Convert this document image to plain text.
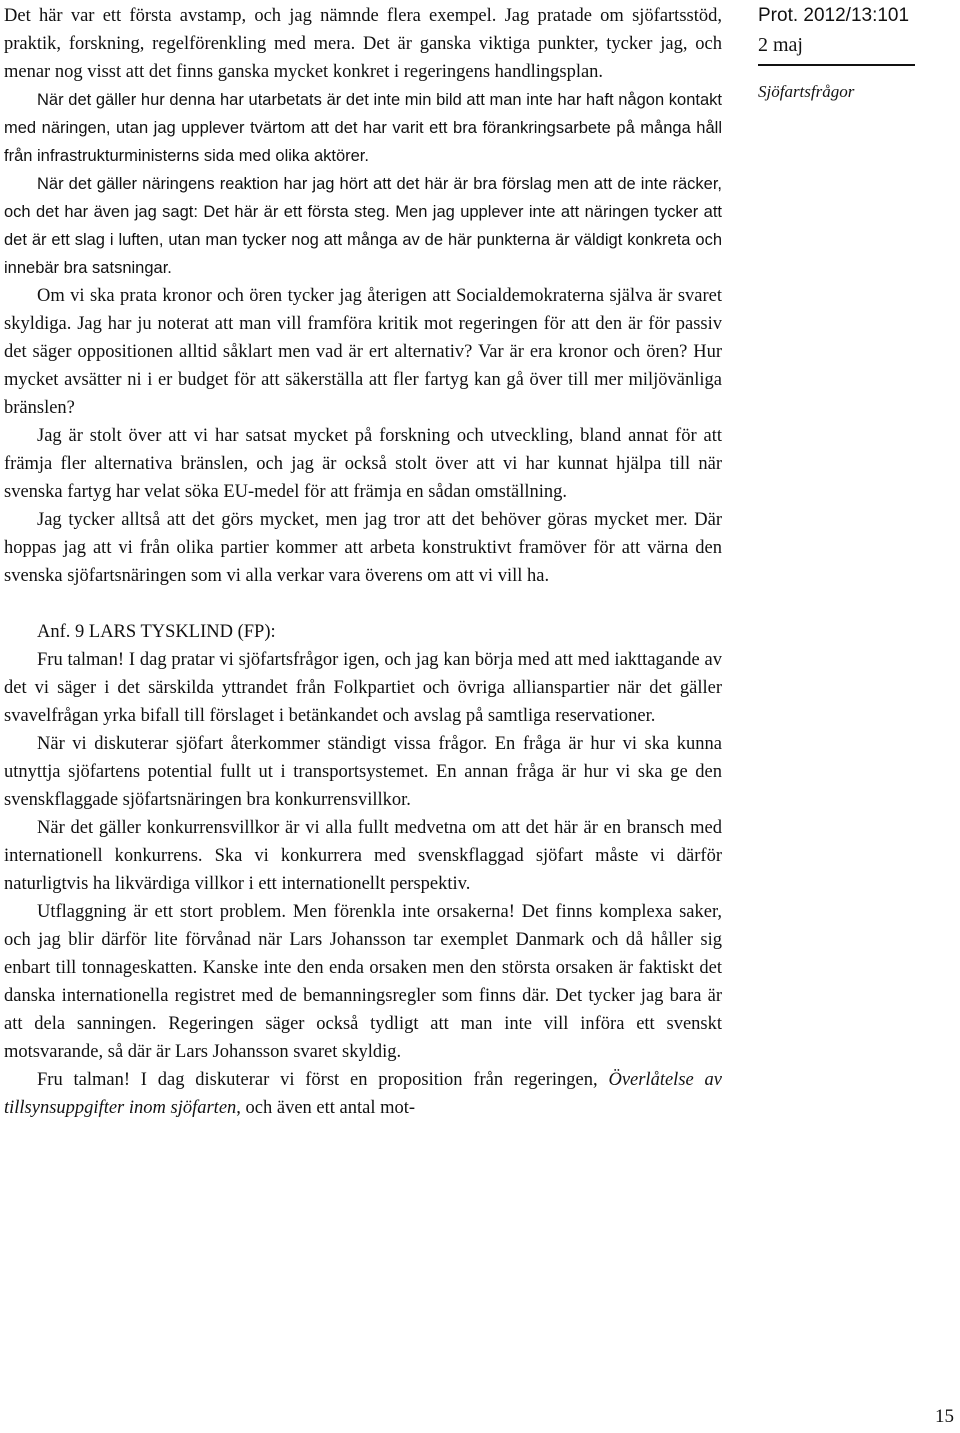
Det här var ett första avstamp, och jag nämnde flera exempel. Jag pratade om sjöfartsstöd, praktik, forskning, regelförenkling med mera. Det är ganska viktiga punkter, tycker jag, och menar nog visst att det finns ganska mycket konkret i regeringens handlingsplan.

När det gäller hur denna har utarbetats är det inte min bild att man inte har haft någon kontakt med näringen, utan jag upplever tvärtom att det har varit ett bra förankringsarbete på många håll från infrastrukturministerns sida med olika aktörer.

När det gäller näringens reaktion har jag hört att det här är bra förslag men att de inte räcker, och det har även jag sagt: Det här är ett första steg. Men jag upplever inte att näringen tycker att det är ett slag i luften, utan man tycker nog att många av de här punkterna är väldigt konkreta och innebär bra satsningar.

Om vi ska prata kronor och ören tycker jag återigen att Socialdemokraterna själva är svaret skyldiga. Jag har ju noterat att man vill framföra kritik mot regeringen för att den är för passiv det säger oppositionen alltid såklart men vad är ert alternativ? Var är era kronor och ören? Hur mycket avsätter ni i er budget för att säkerställa att fler fartyg kan gå över till mer miljövänliga bränslen?

Jag är stolt över att vi har satsat mycket på forskning och utveckling, bland annat för att främja fler alternativa bränslen, och jag är också stolt över att vi har kunnat hjälpa till när svenska fartyg har velat söka EU-medel för att främja en sådan omställning.

Jag tycker alltså att det görs mycket, men jag tror att det behöver göras mycket mer. Där hoppas jag att vi från olika partier kommer att arbeta konstruktivt framöver för att värna den svenska sjöfartsnäringen som vi alla verkar vara överens om att vi vill ha.

Anf. 9 LARS TYSKLIND (FP):

Fru talman! I dag pratar vi sjöfartsfrågor igen, och jag kan börja med att med iakttagande av det vi säger i det särskilda yttrandet från Folkpartiet och övriga allianspartier när det gäller svavelfrågan yrka bifall till förslaget i betänkandet och avslag på samtliga reservationer.

När vi diskuterar sjöfart återkommer ständigt vissa frågor. En fråga är hur vi ska kunna utnyttja sjöfartens potential fullt ut i transportsystemet. En annan fråga är hur vi ska ge den svenskflaggade sjöfartsnäringen bra konkurrensvillkor.

När det gäller konkurrensvillkor är vi alla fullt medvetna om att det här är en bransch med internationell konkurrens. Ska vi konkurrera med svenskflaggad sjöfart måste vi därför naturligtvis ha likvärdiga villkor i ett internationellt perspektiv.

Utflaggning är ett stort problem. Men förenkla inte orsakerna! Det finns komplexa saker, och jag blir därför lite förvånad när Lars Johansson tar exemplet Danmark och då håller sig enbart till tonnageskatten. Kanske inte den enda orsaken men den största orsaken är faktiskt det danska internationella registret med de bemanningsregler som finns där. Det tycker jag bara är att dela sanningen. Regeringen säger också tydligt att man inte vill införa ett svenskt motsvarande, så där är Lars Johansson svaret skyldig.

Fru talman! I dag diskuterar vi först en proposition från regeringen, Överlåtelse av tillsynsuppgifter inom sjöfarten, och även ett antal mot-

Prot. 2012/13:101
2 maj
Sjöfartsfrågor
15
